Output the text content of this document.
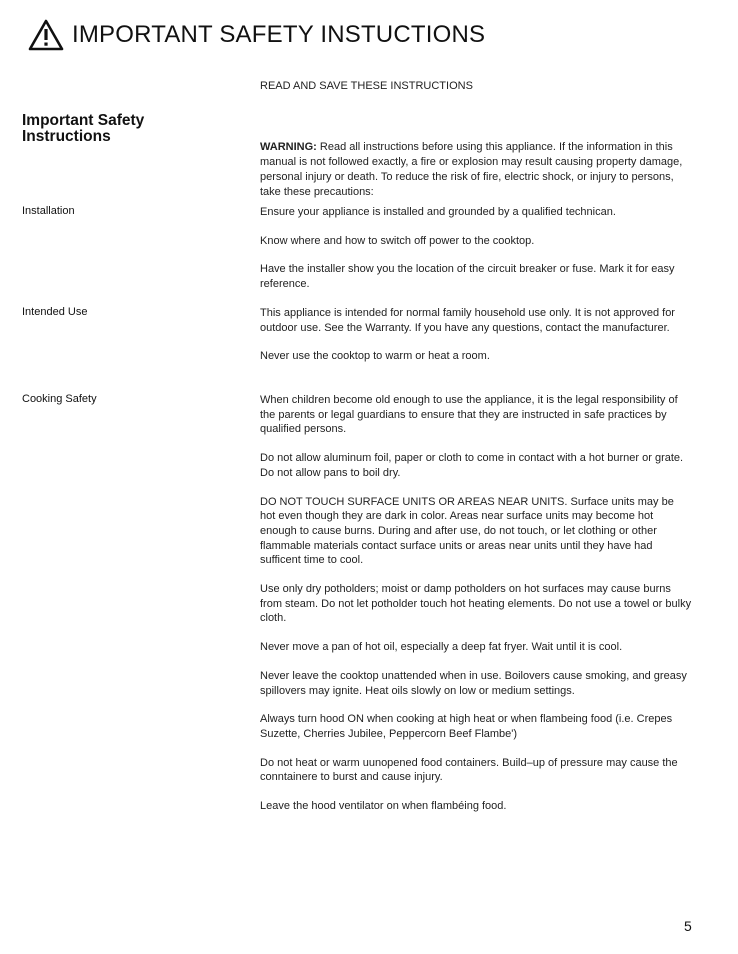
IMPORTANT SAFETY INSTUCTIONS
READ AND SAVE THESE INSTRUCTIONS
Important Safety Instructions
WARNING: Read all instructions before using this appliance. If the information in this manual is not followed exactly, a fire or explosion may result causing property damage, personal injury or death. To reduce the risk of fire, electric shock, or injury to persons, take these precautions:
Installation	Ensure your appliance is installed and grounded by a qualified technican.

Know where and how to switch off power to the cooktop.

Have the installer show you the location of the circuit breaker or fuse. Mark it for easy reference.

Intended Use	This appliance is intended for normal family household use only. It is not approved for outdoor use. See the Warranty. If you have any questions, contact the manufacturer.

Never use the cooktop to warm or heat a room.

Cooking Safety	When children become old enough to use the appliance, it is the legal responsibility of the parents or legal guardians to ensure that they are instructed in safe practices by qualified persons.

Do not allow aluminum foil, paper or cloth to come in contact with a hot burner or grate. Do not allow pans to boil dry.

DO NOT TOUCH SURFACE UNITS OR AREAS NEAR UNITS. Surface units may be hot even though they are dark in color. Areas near surface units may become hot enough to cause burns. During and after use, do not touch, or let clothing or other flammable materials contact surface units or areas near units until they have had sufficent time to cool.

Use only dry potholders; moist or damp potholders on hot surfaces may cause burns from steam. Do not let potholder touch hot heating elements. Do not use a towel or bulky cloth.

Never move a pan of hot oil, especially a deep fat fryer. Wait until it is cool.

Never leave the cooktop unattended when in use. Boilovers cause smoking, and greasy spillovers may ignite. Heat oils slowly on low or medium settings.

Always turn hood ON when cooking at high heat or when flambeing food (i.e. Crepes Suzette, Cherries Jubilee, Peppercorn Beef Flambe')

Do not heat or warm uunopened food containers. Build–up of pressure may cause the conntainere to burst and cause injury.

Leave the hood ventilator on when flambéing food.

5
